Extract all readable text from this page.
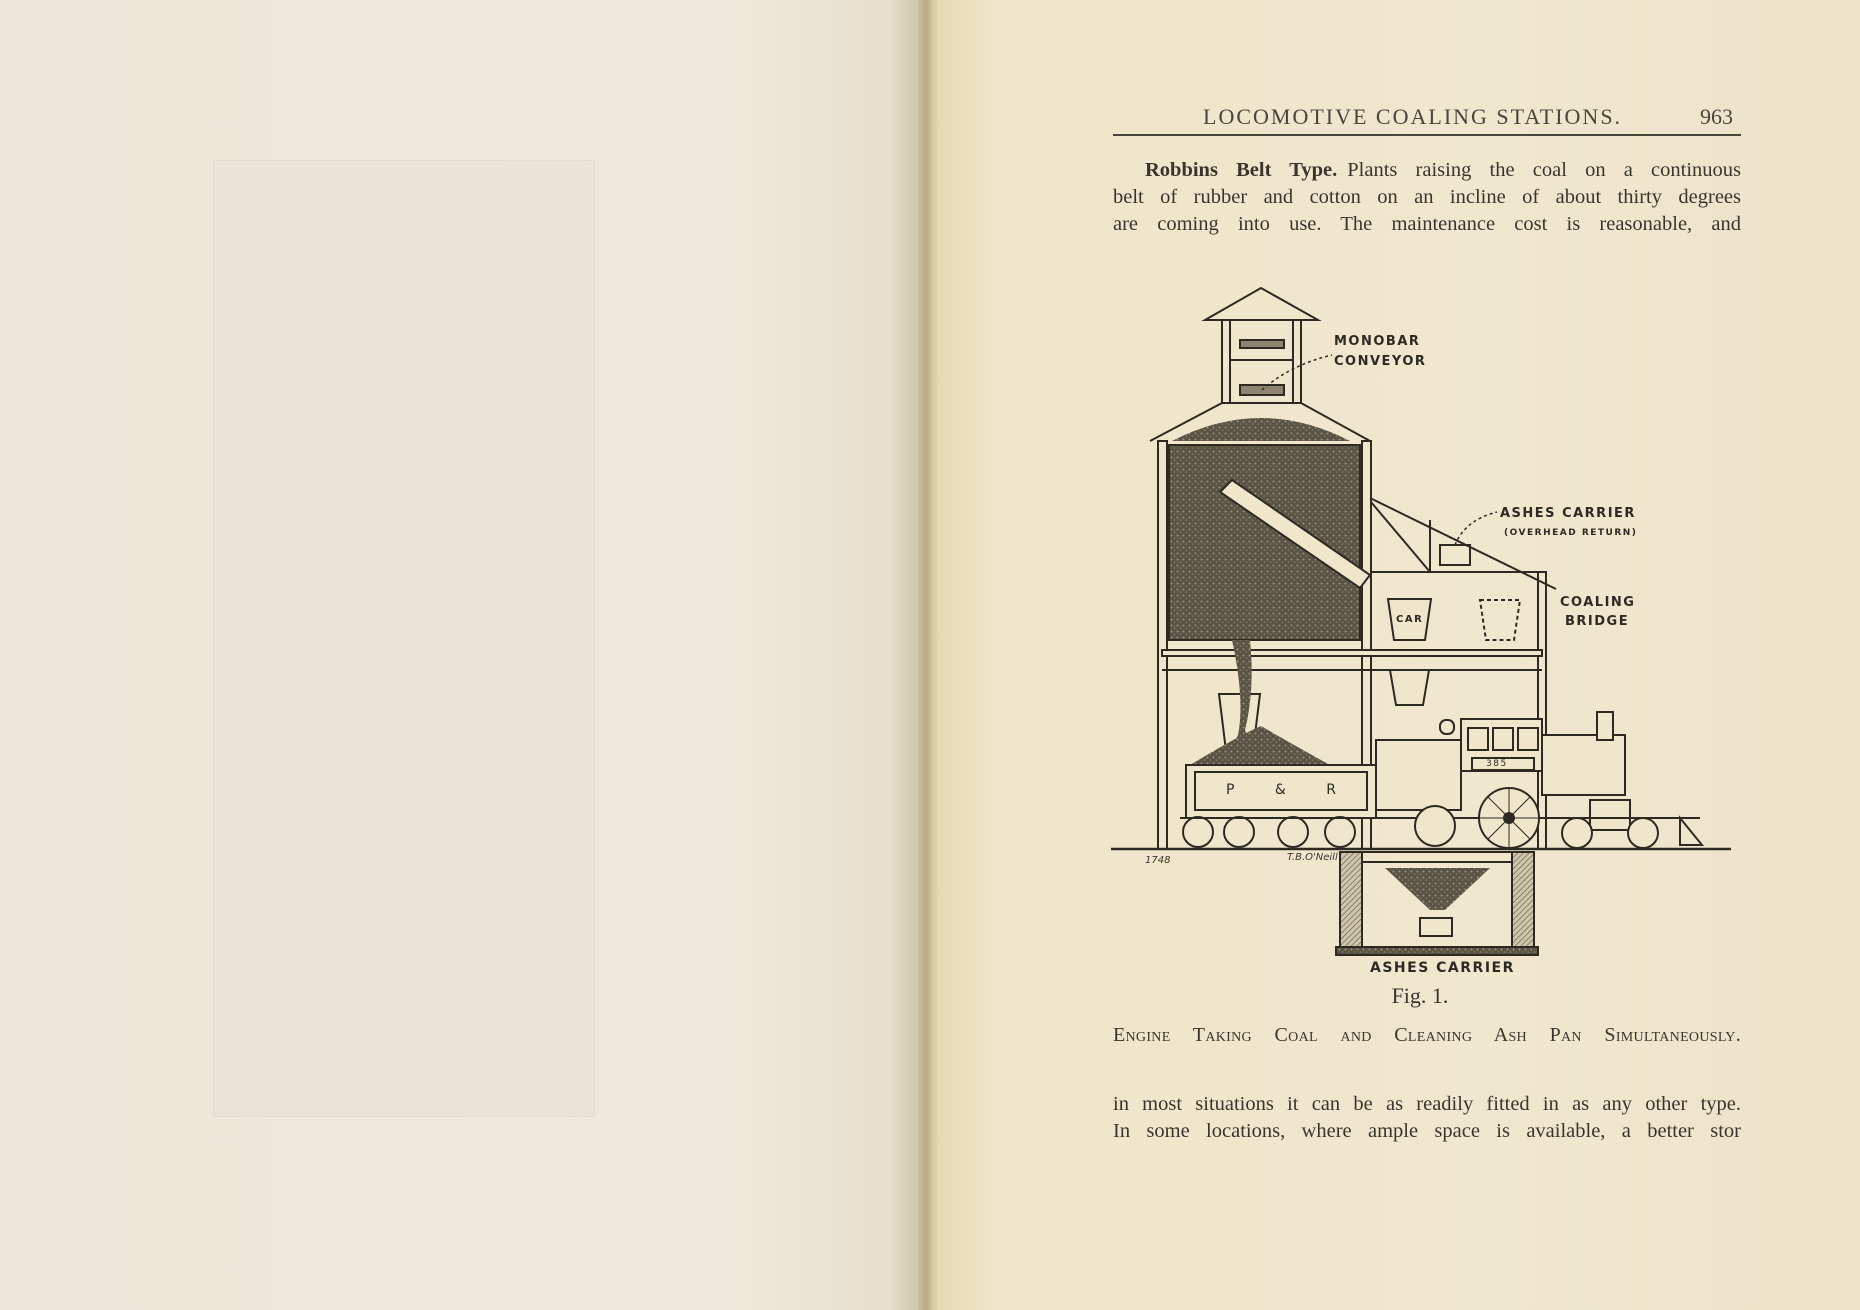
LOCOMOTIVE COALING STATIONS.	963
Robbins Belt Type. Plants raising the coal on a continuous
belt of rubber and cotton on an incline of about thirty degrees
are coming into use. The maintenance cost is reasonable, and
MONOBAR
CONVEYOR
ASHES CARRIER
(OVERHEAD RETURN)
COALING
BRIDGE
CAR
P & R
385
1748	T.B.O'Neill
ASHES CARRIER
Fig. 1.
Engine Taking Coal and Cleaning Ash Pan Simultaneously.
in most situations it can be as readily fitted in as any other type.
In some locations, where ample space is available, a better stor
